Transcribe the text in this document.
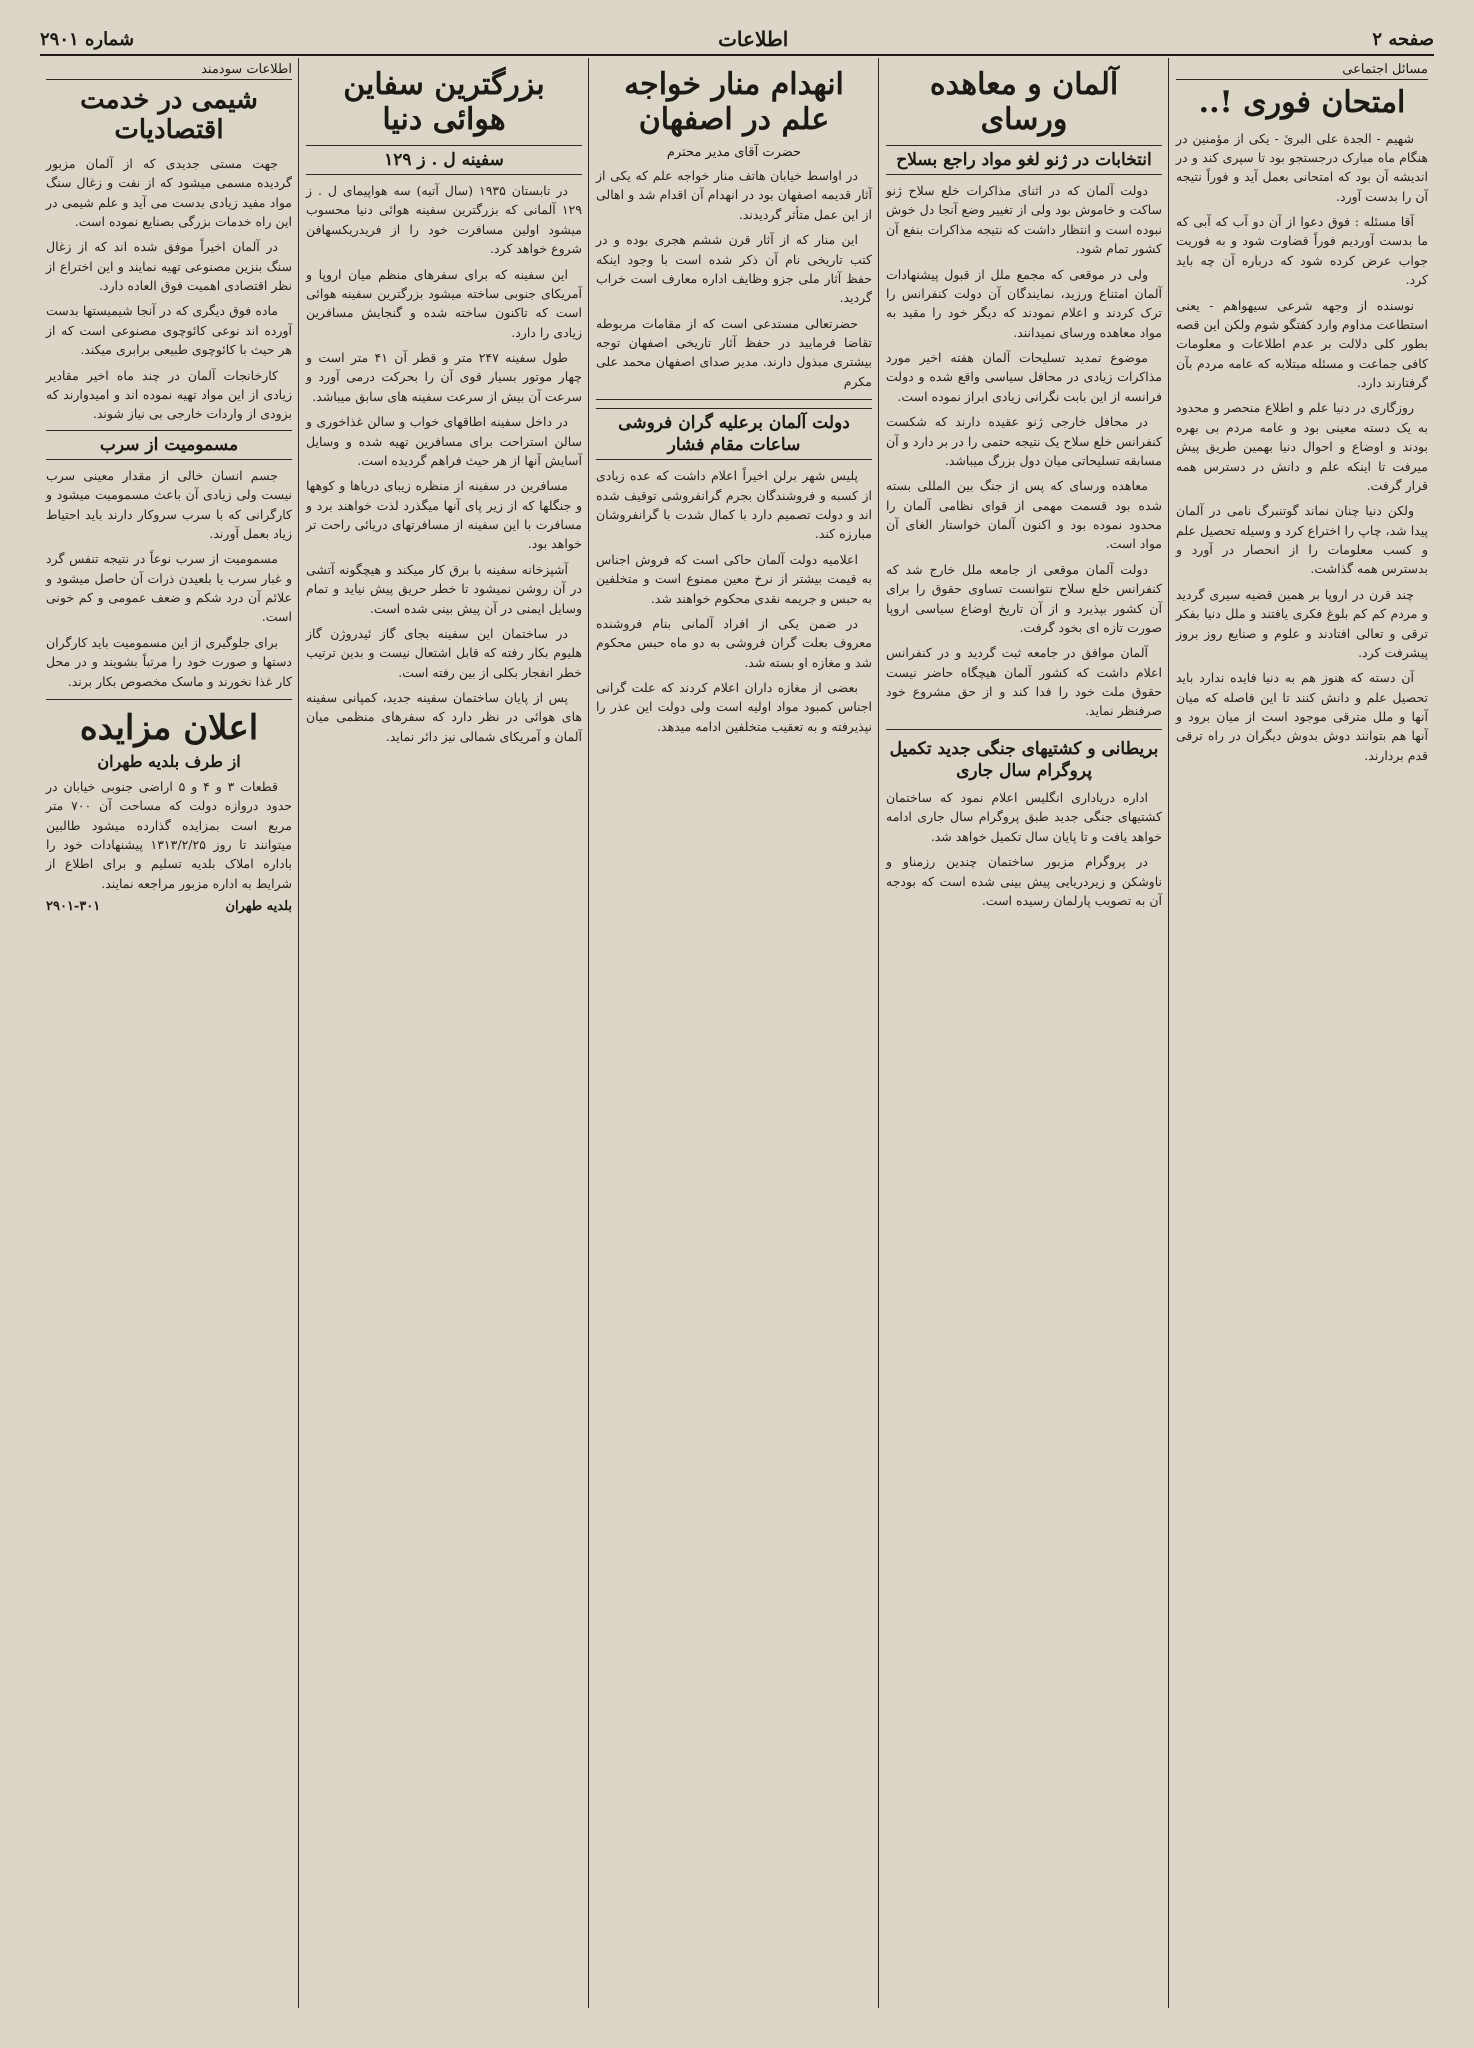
صفحه ۲
اطلاعات
شماره ۲۹۰۱
مسائل اجتماعی
امتحان فوری !..

شهیم - الجدة علی البرئ - یکی از مؤمنین در هنگام ماه مبارک درجستجو بود تا سپری کند و در اندیشه آن بود که امتحانی بعمل آید و فوراً نتیجه آن را بدست آورد.

آقا مسئله : فوق دعوا از آن دو آب که آبی که ما بدست آوردیم فوراً قضاوت شود و به فوریت جواب عرض کرده شود که درباره آن چه باید کرد.

نوسنده از وجهه شرعی سیهواهم - یعنی استطاعت مداوم وارد کفتگو شوم ولکن این قصه بطور کلی دلالت بر عدم اطلاعات و معلومات کافی جماعت و مسئله مبتلابه که عامه مردم بآن گرفتارند دارد.

روزگاری در دنیا علم و اطلاع منحصر و محدود به یک دسته معینی بود و عامه مردم بی بهره بودند و اوضاع و احوال دنیا بهمین طریق پیش میرفت تا اینکه علم و دانش در دسترس همه قرار گرفت.

ولکن دنیا چنان نماند گوتنبرگ نامی در آلمان پیدا شد، چاپ را اختراع کرد و وسیله تحصیل علم و کسب معلومات را از انحصار در آورد و بدسترس همه گذاشت.

چند قرن در اروپا بر همین قضیه سیری گردید و مردم کم کم بلوغ فکری یافتند و ملل دنیا بفکر ترقی و تعالی افتادند و علوم و صنایع روز بروز پیشرفت کرد.

آن دسته که هنوز هم به دنیا فایده ندارد باید تحصیل علم و دانش کنند تا این فاصله که میان آنها و ملل مترقی موجود است از میان برود و آنها هم بتوانند دوش بدوش دیگران در راه ترقی قدم بردارند.

آلمان و معاهده ورسای
انتخابات در ژنو لغو مواد راجع بسلاح

دولت آلمان که در اثنای مذاکرات خلع سلاح ژنو ساکت و خاموش بود ولی از تغییر وضع آنجا دل خوش نبوده است و انتظار داشت که نتیجه مذاکرات بنفع آن کشور تمام شود.

ولی در موقعی که مجمع ملل از قبول پیشنهادات آلمان امتناع ورزید، نمایندگان آن دولت کنفرانس را ترک کردند و اعلام نمودند که دیگر خود را مقید به مواد معاهده ورسای نمیدانند.

موضوع تمدید تسلیحات آلمان هفته اخیر مورد مذاکرات زیادی در محافل سیاسی واقع شده و دولت فرانسه از این بابت نگرانی زیادی ابراز نموده است.

در محافل خارجی ژنو عقیده دارند که شکست کنفرانس خلع سلاح یک نتیجه حتمی را در بر دارد و آن مسابقه تسلیحاتی میان دول بزرگ میباشد.

معاهده ورسای که پس از جنگ بین المللی بسته شده بود قسمت مهمی از قوای نظامی آلمان را محدود نموده بود و اکنون آلمان خواستار الغای آن مواد است.

دولت آلمان موقعی از جامعه ملل خارج شد که کنفرانس خلع سلاح نتوانست تساوی حقوق را برای آن کشور بپذیرد و از آن تاریخ اوضاع سیاسی اروپا صورت تازه ای بخود گرفت.

آلمان موافق در جامعه ثبت گردید و در کنفرانس اعلام داشت که کشور آلمان هیچگاه حاضر نیست حقوق ملت خود را فدا کند و از حق مشروع خود صرفنظر نماید.

بریطانی و کشتیهای جنگی جدید تکمیل پروگرام سال جاری

اداره دریاداری انگلیس اعلام نمود که ساختمان کشتیهای جنگی جدید طبق پروگرام سال جاری ادامه خواهد یافت و تا پایان سال تکمیل خواهد شد.

در پروگرام مزبور ساختمان چندین رزمناو و ناوشکن و زیردریایی پیش بینی شده است که بودجه آن به تصویب پارلمان رسیده است.

انهدام منار خواجه علم در اصفهان
حضرت آقای مدیر محترم

در اواسط خیابان هاتف منار خواجه علم که یکی از آثار قدیمه اصفهان بود در انهدام آن اقدام شد و اهالی از این عمل متأثر گردیدند.

این منار که از آثار قرن ششم هجری بوده و در کتب تاریخی نام آن ذکر شده است با وجود اینکه حفظ آثار ملی جزو وظایف اداره معارف است خراب گردید.

حضرتعالی مستدعی است که از مقامات مربوطه تقاضا فرمایید در حفظ آثار تاریخی اصفهان توجه بیشتری مبذول دارند. مدیر صدای اصفهان محمد علی مکرم

دولت آلمان برعلیه گران فروشی ساعات مقام فشار

پلیس شهر برلن اخیراً اعلام داشت که عده زیادی از کسبه و فروشندگان بجرم گرانفروشی توقیف شده اند و دولت تصمیم دارد با کمال شدت با گرانفروشان مبارزه کند.

اعلامیه دولت آلمان حاکی است که فروش اجناس به قیمت بیشتر از نرخ معین ممنوع است و متخلفین به حبس و جریمه نقدی محکوم خواهند شد.

در ضمن یکی از افراد آلمانی بنام فروشنده معروف بعلت گران فروشی به دو ماه حبس محکوم شد و مغازه او بسته شد.

بعضی از مغازه داران اعلام کردند که علت گرانی اجناس کمبود مواد اولیه است ولی دولت این عذر را نپذیرفته و به تعقیب متخلفین ادامه میدهد.

بزرگترین سفاین هوائی دنیا
سفینه ل . ز ۱۲۹

در تابستان ۱۹۳۵ (سال آتیه) سه هواپیمای ل . ز ۱۲۹ آلمانی که بزرگترین سفینه هوائی دنیا محسوب میشود اولین مسافرت خود را از فریدریکسهافن شروع خواهد کرد.

این سفینه که برای سفرهای منظم میان اروپا و آمریکای جنوبی ساخته میشود بزرگترین سفینه هوائی است که تاکنون ساخته شده و گنجایش مسافرین زیادی را دارد.

طول سفینه ۲۴۷ متر و قطر آن ۴۱ متر است و چهار موتور بسیار قوی آن را بحرکت درمی آورد و سرعت آن بیش از سرعت سفینه های سابق میباشد.

در داخل سفینه اطاقهای خواب و سالن غذاخوری و سالن استراحت برای مسافرین تهیه شده و وسایل آسایش آنها از هر حیث فراهم گردیده است.

مسافرین در سفینه از منظره زیبای دریاها و کوهها و جنگلها که از زیر پای آنها میگذرد لذت خواهند برد و مسافرت با این سفینه از مسافرتهای دریائی راحت تر خواهد بود.

آشپزخانه سفینه با برق کار میکند و هیچگونه آتشی در آن روشن نمیشود تا خطر حریق پیش نیاید و تمام وسایل ایمنی در آن پیش بینی شده است.

در ساختمان این سفینه بجای گاز ئیدروژن گاز هلیوم بکار رفته که قابل اشتعال نیست و بدین ترتیب خطر انفجار بکلی از بین رفته است.

پس از پایان ساختمان سفینه جدید، کمپانی سفینه های هوائی در نظر دارد که سفرهای منظمی میان آلمان و آمریکای شمالی نیز دائر نماید.

اطلاعات سودمند
شیمی در خدمت اقتصادیات

جهت مستی جدیدی که از آلمان مزبور گردیده مسمی میشود که از نفت و زغال سنگ مواد مفید زیادی بدست می آید و علم شیمی در این راه خدمات بزرگی بصنایع نموده است.

در آلمان اخیراً موفق شده اند که از زغال سنگ بنزین مصنوعی تهیه نمایند و این اختراع از نظر اقتصادی اهمیت فوق العاده دارد.

ماده فوق دیگری که در آنجا شیمیستها بدست آورده اند نوعی کائوچوی مصنوعی است که از هر حیث با کائوچوی طبیعی برابری میکند.

کارخانجات آلمان در چند ماه اخیر مقادیر زیادی از این مواد تهیه نموده اند و امیدوارند که بزودی از واردات خارجی بی نیاز شوند.

مسمومیت از سرب

جسم انسان خالی از مقدار معینی سرب نیست ولی زیادی آن باعث مسمومیت میشود و کارگرانی که با سرب سروکار دارند باید احتیاط زیاد بعمل آورند.

مسمومیت از سرب نوعاً در نتیجه تنفس گرد و غبار سرب یا بلعیدن ذرات آن حاصل میشود و علائم آن درد شکم و ضعف عمومی و کم خونی است.

برای جلوگیری از این مسمومیت باید کارگران دستها و صورت خود را مرتباً بشویند و در محل کار غذا نخورند و ماسک مخصوص بکار برند.

اعلان مزایده
از طرف بلدیه طهران

قطعات ۳ و ۴ و ۵ اراضی جنوبی خیابان در حدود دروازه دولت که مساحت آن ۷۰۰ متر مربع است بمزایده گذارده میشود طالبین میتوانند تا روز ۱۳۱۳/۲/۲۵ پیشنهادات خود را باداره املاک بلدیه تسلیم و برای اطلاع از شرایط به اداره مزبور مراجعه نمایند.

بلدیه طهران
۲۹۰۱-۳۰۱
